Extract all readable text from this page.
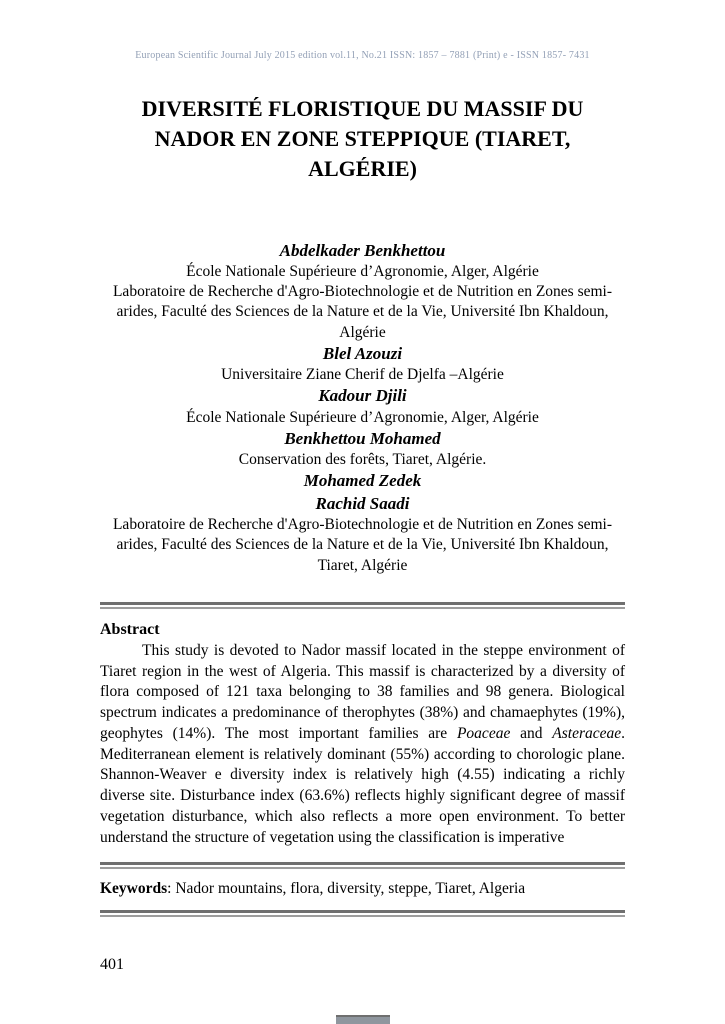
European Scientific Journal July 2015 edition vol.11, No.21 ISSN: 1857 – 7881 (Print) e - ISSN 1857- 7431
DIVERSITÉ FLORISTIQUE DU MASSIF DU NADOR EN ZONE STEPPIQUE (TIARET, ALGÉRIE)
Abdelkader Benkhettou
École Nationale Supérieure d’Agronomie, Alger, Algérie
Laboratoire de Recherche d'Agro-Biotechnologie et de Nutrition en Zones semi-arides, Faculté des Sciences de la Nature et de la Vie, Université Ibn Khaldoun, Algérie
Blel Azouzi
Universitaire Ziane Cherif de Djelfa –Algérie
Kadour Djili
École Nationale Supérieure d’Agronomie, Alger, Algérie
Benkhettou Mohamed
Conservation des forêts, Tiaret, Algérie.
Mohamed Zedek
Rachid Saadi
Laboratoire de Recherche d'Agro-Biotechnologie et de Nutrition en Zones semi-arides, Faculté des Sciences de la Nature et de la Vie, Université Ibn Khaldoun, Tiaret, Algérie
Abstract

This study is devoted to Nador massif located in the steppe environment of Tiaret region in the west of Algeria. This massif is characterized by a diversity of flora composed of 121 taxa belonging to 38 families and 98 genera. Biological spectrum indicates a predominance of therophytes (38%) and chamaephytes (19%), geophytes (14%). The most important families are Poaceae and Asteraceae. Mediterranean element is relatively dominant (55%) according to chorologic plane. Shannon-Weaver e diversity index is relatively high (4.55) indicating a richly diverse site. Disturbance index (63.6%) reflects highly significant degree of massif vegetation disturbance, which also reflects a more open environment. To better understand the structure of vegetation using the classification is imperative

Keywords: Nador mountains, flora, diversity, steppe, Tiaret, Algeria

401
